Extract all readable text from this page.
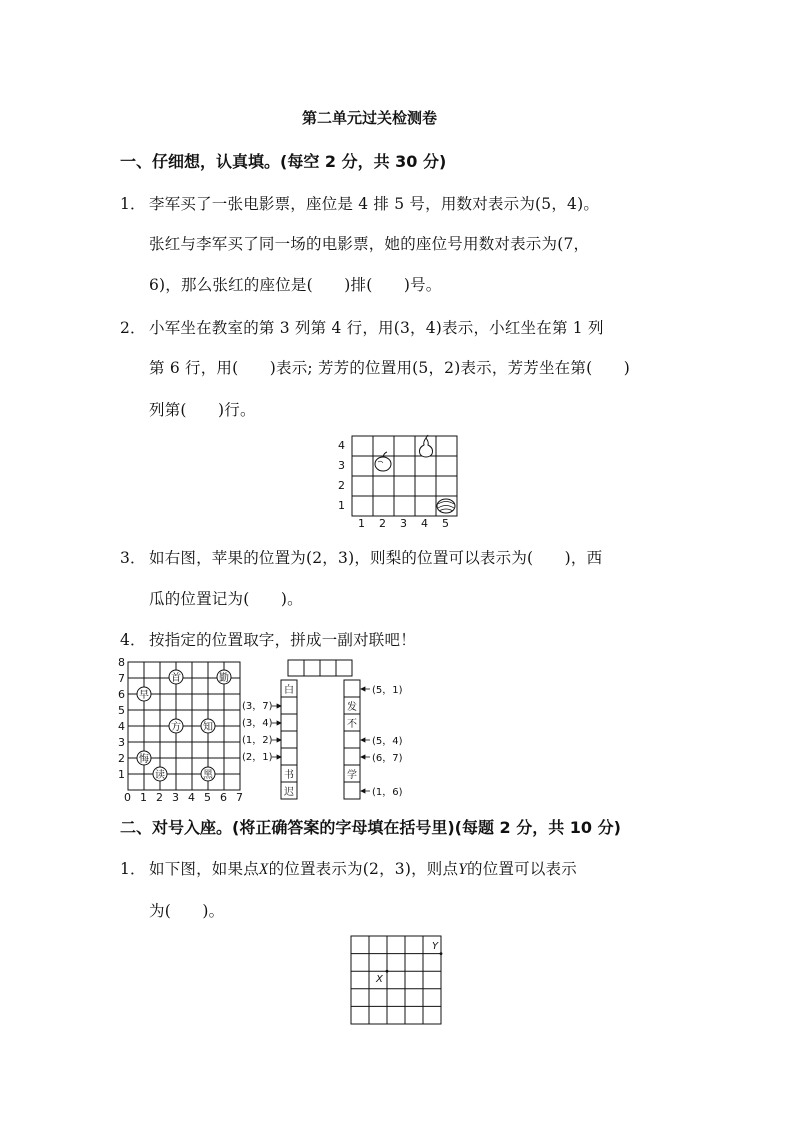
第二单元过关检测卷
一、仔细想，认真填。(每空 2 分，共 30 分)
1． 李军买了一张电影票，座位是 4 排 5 号，用数对表示为(5，4)。
张红与李军买了同一场的电影票，她的座位号用数对表示为(7，
6)，那么张红的座位是(　　)排(　　)号。
2． 小军坐在教室的第 3 列第 4 行，用(3，4)表示，小红坐在第 1 列
第 6 行，用(　　)表示; 芳芳的位置用(5，2)表示，芳芳坐在第(　　)
列第(　　)行。
4
3
2
1
1 2 3 4 5
3． 如右图，苹果的位置为(2，3)，则梨的位置可以表示为(　　)，西
瓜的位置记为(　　)。
4． 按指定的位置取字，拼成一副对联吧！
8
7
6
5
4
3
2
1
0 1 2 3 4 5 6 7
首	勤
早
方 知
悔
读	黑
白
书
迟
(3，7)
(3，4)
(1，2)
(2，1)
发
不
学
(5，1)
(5，4)
(6，7)
(1，6)
二、对号入座。(将正确答案的字母填在括号里)(每题 2 分，共 10 分)
1． 如下图，如果点X的位置表示为(2，3)，则点Y的位置可以表示
为(　　)。
X
Y
